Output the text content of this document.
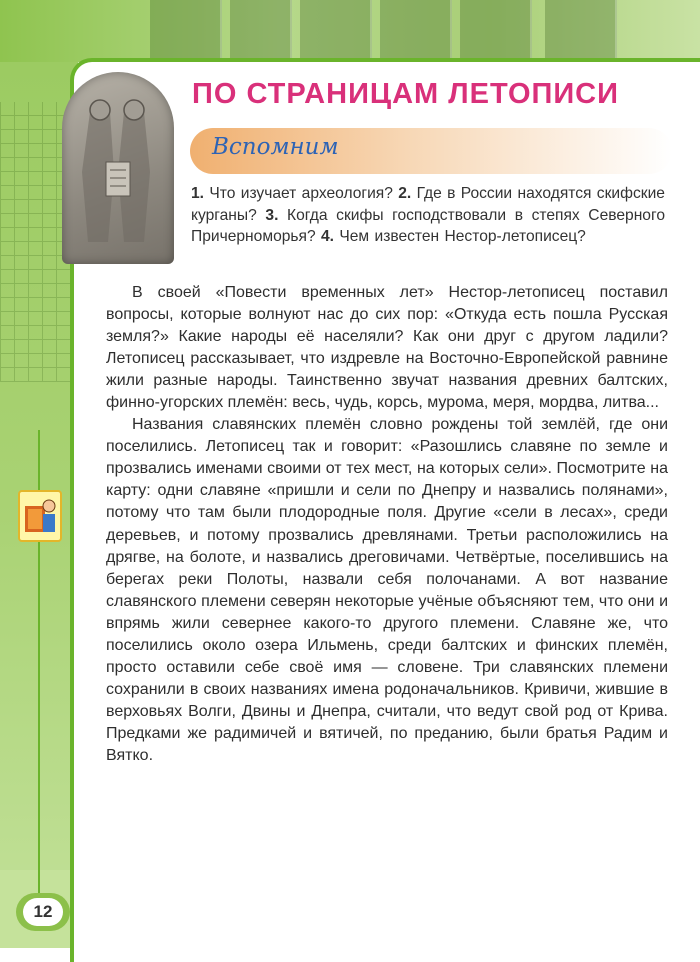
ПО СТРАНИЦАМ ЛЕТОПИСИ
Вспомним
1. Что изучает археология? 2. Где в России находятся скифские курганы? 3. Когда скифы господствовали в степях Северного Причерноморья? 4. Чем известен Нестор-летописец?

В своей «Повести временных лет» Нестор-летописец поставил вопросы, которые волнуют нас до сих пор: «Откуда есть пошла Русская земля?» Какие народы её населяли? Как они друг с другом ладили? Летописец рассказывает, что издревле на Восточно-Европейской равнине жили разные народы. Таинственно звучат названия древних балтских, финно-угорских племён: весь, чудь, корсь, мурома, меря, мордва, литва...

Названия славянских племён словно рождены той землёй, где они поселились. Летописец так и говорит: «Разошлись славяне по земле и прозвались именами своими от тех мест, на которых сели». Посмотрите на карту: одни славяне «пришли и сели по Днепру и назвались полянами», потому что там были плодородные поля. Другие «сели в лесах», среди деревьев, и потому прозвались древлянами. Третьи расположились на дрягве, на болоте, и назвались дреговичами. Четвёртые, поселившись на берегах реки Полоты, назвали себя полочанами. А вот название славянского племени северян некоторые учёные объясняют тем, что они и впрямь жили севернее какого-то другого племени. Славяне же, что поселились около озера Ильмень, среди балтских и финских племён, просто оставили себе своё имя — словене. Три славянских племени сохранили в своих названиях имена родоначальников. Кривичи, жившие в верховьях Волги, Двины и Днепра, считали, что ведут свой род от Крива. Предками же радимичей и вятичей, по преданию, были братья Радим и Вятко.

12
